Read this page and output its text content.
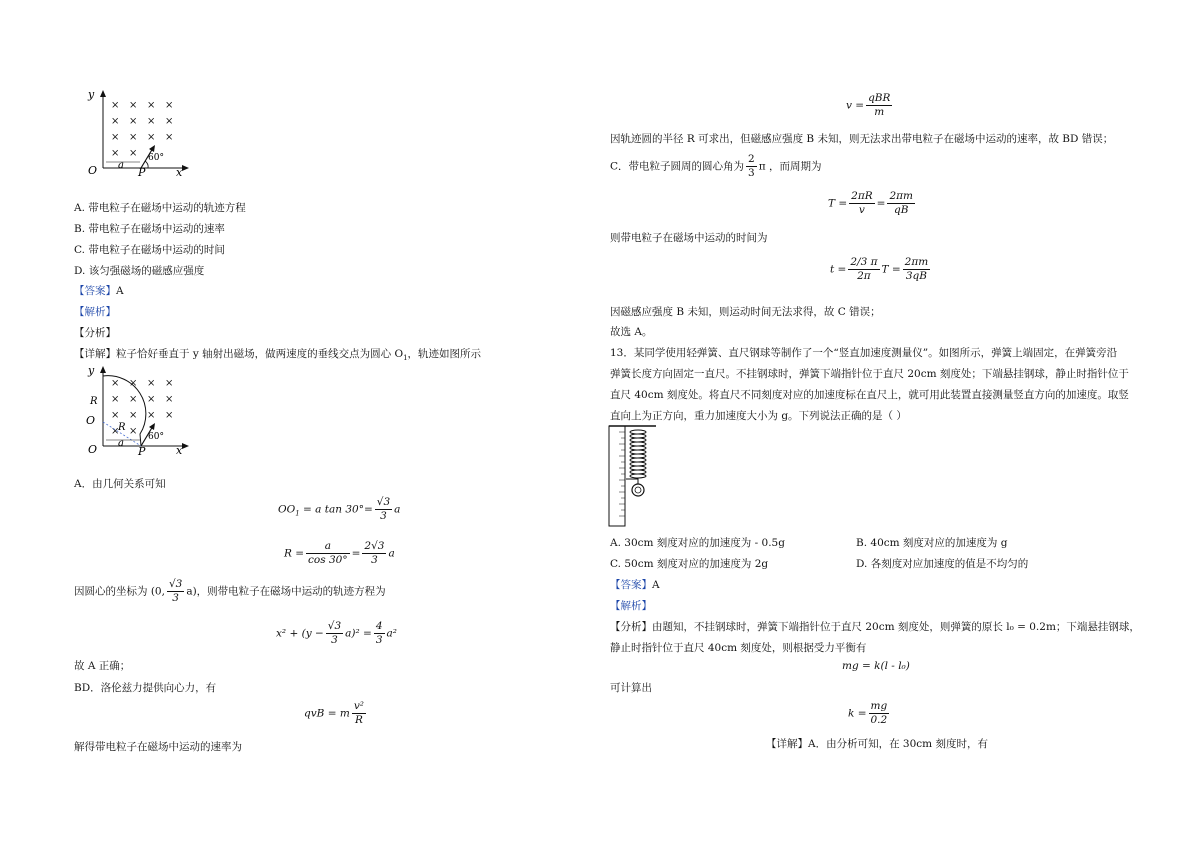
× × × ×
× × × ×
× × × ×
× ×
y
O a
P
60°
x
A. 带电粒子在磁场中运动的轨迹方程
B. 带电粒子在磁场中运动的速率
C. 带电粒子在磁场中运动的时间
D. 该匀强磁场的磁感应强度
【答案】A
【解析】
【分析】
【详解】粒子恰好垂直于 y 轴射出磁场，做两速度的垂线交点为圆心 $O_1$，轨迹如图所示
× × × ×
× × × ×
× × × ×
× ×
y
R
O
R
O a
P
60°
x
A．由几何关系可知
$OO_1 = a$ $\tan 30^\circ= \frac{√3}{3}$ a
$R = \frac{a}{\cos 30^\circ} = \frac{2√3}{3}$ a
因圆心的坐标为 (0, $\frac{√3}{3} a$)，则带电粒子在磁场中运动的轨迹方程为
$x^2 + (y - \frac{√3}{3} a)^2 = \frac{4}{3} a^2$
故 A 正确；
BD．洛伦兹力提供向心力，有
qvB = m $\frac{\text{v²}}{R}$
解得带电粒子在磁场中运动的速率为
$v = \frac{\text{qBR}}{m}$
因轨迹圆的半径 R 可求出，但磁感应强度 B 未知，则无法求出带电粒子在磁场中运动的速率，故 BD 错误；
C．带电粒子圆周的圆心角为 $\frac{2}{3}$ π ，而周期为
$T = \frac{2\pi R}{v} = \frac{2\pi m}{qB}$
则带电粒子在磁场中运动的时间为
$t = \frac{2/3 \pi}{2\pi}$ $T = \frac{2\pi m}{3qB}$
因磁感应强度 B 未知，则运动时间无法求得，故 C 错误；
故选 A。
13．某同学使用轻弹簧、直尺钢球等制作了一个“竖直加速度测量仪”。如图所示，弹簧上端固定，在弹簧旁沿
弹簧长度方向固定一直尺。不挂钢球时，弹簧下端指针位于直尺 20cm 刻度处；下端悬挂钢球，静止时指针位于
直尺 40cm 刻度处。将直尺不同刻度对应的加速度标在直尺上，就可用此装置直接测量竖直方向的加速度。取竖
直向上为正方向，重力加速度大小为 g。下列说法正确的是（ ）
A. 30cm 刻度对应的加速度为 - 0.5g	B. 40cm 刻度对应的加速度为 g
C. 50cm 刻度对应的加速度为 2g	D. 各刻度对应加速度的值是不均匀的
【答案】A
【解析】
【分析】由题知，不挂钢球时，弹簧下端指针位于直尺 20cm 刻度处，则弹簧的原长 l₀ = 0.2m；下端悬挂钢球，
静止时指针位于直尺 40cm 刻度处，则根据受力平衡有
mg = k(l - l₀)
可计算出
$k = \frac{mg}{0.2}$
【详解】A．由分析可知，在 30cm 刻度时，有
